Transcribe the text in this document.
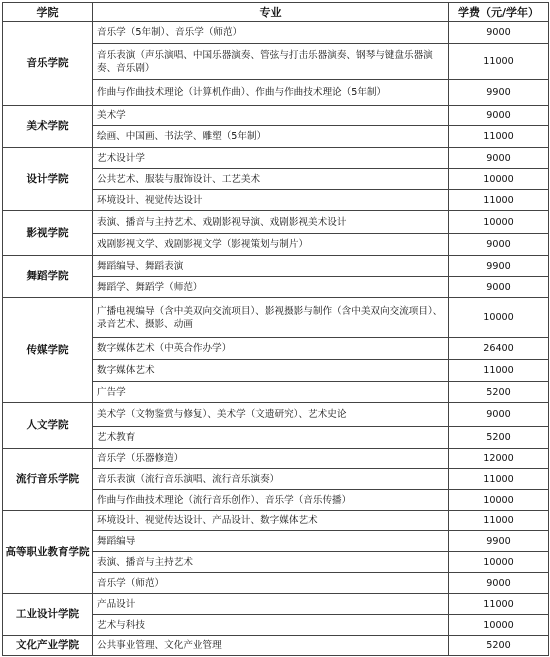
学院	专业	学费（元/学年）
音乐学院	音乐学（5年制）、音乐学（师范）	9000
	音乐表演（声乐演唱、中国乐器演奏、管弦与打击乐器演奏、钢琴与键盘乐器演奏、音乐剧）	11000
	作曲与作曲技术理论（计算机作曲）、作曲与作曲技术理论（5年制）	9900
美术学院	美术学	9000
	绘画、中国画、书法学、雕塑（5年制）	11000
设计学院	艺术设计学	9000
	公共艺术、服装与服饰设计、工艺美术	10000
	环境设计、视觉传达设计	11000
影视学院	表演、播音与主持艺术、戏剧影视导演、戏剧影视美术设计	10000
	戏剧影视文学、戏剧影视文学（影视策划与制片）	9000
舞蹈学院	舞蹈编导、舞蹈表演	9900
	舞蹈学、舞蹈学（师范）	9000
传媒学院	广播电视编导（含中美双向交流项目）、影视摄影与制作（含中美双向交流项目）、录音艺术、摄影、动画	10000
	数字媒体艺术（中英合作办学）	26400
	数字媒体艺术	11000
	广告学	5200
人文学院	美术学（文物鉴赏与修复）、美术学（文遗研究）、艺术史论	9000
	艺术教育	5200
流行音乐学院	音乐学（乐器修造）	12000
	音乐表演（流行音乐演唱、流行音乐演奏）	11000
	作曲与作曲技术理论（流行音乐创作）、音乐学（音乐传播）	10000
高等职业教育学院	环境设计、视觉传达设计、产品设计、数字媒体艺术	11000
	舞蹈编导	9900
	表演、播音与主持艺术	10000
	音乐学（师范）	9000
工业设计学院	产品设计	11000
	艺术与科技	10000
文化产业学院	公共事业管理、文化产业管理	5200
